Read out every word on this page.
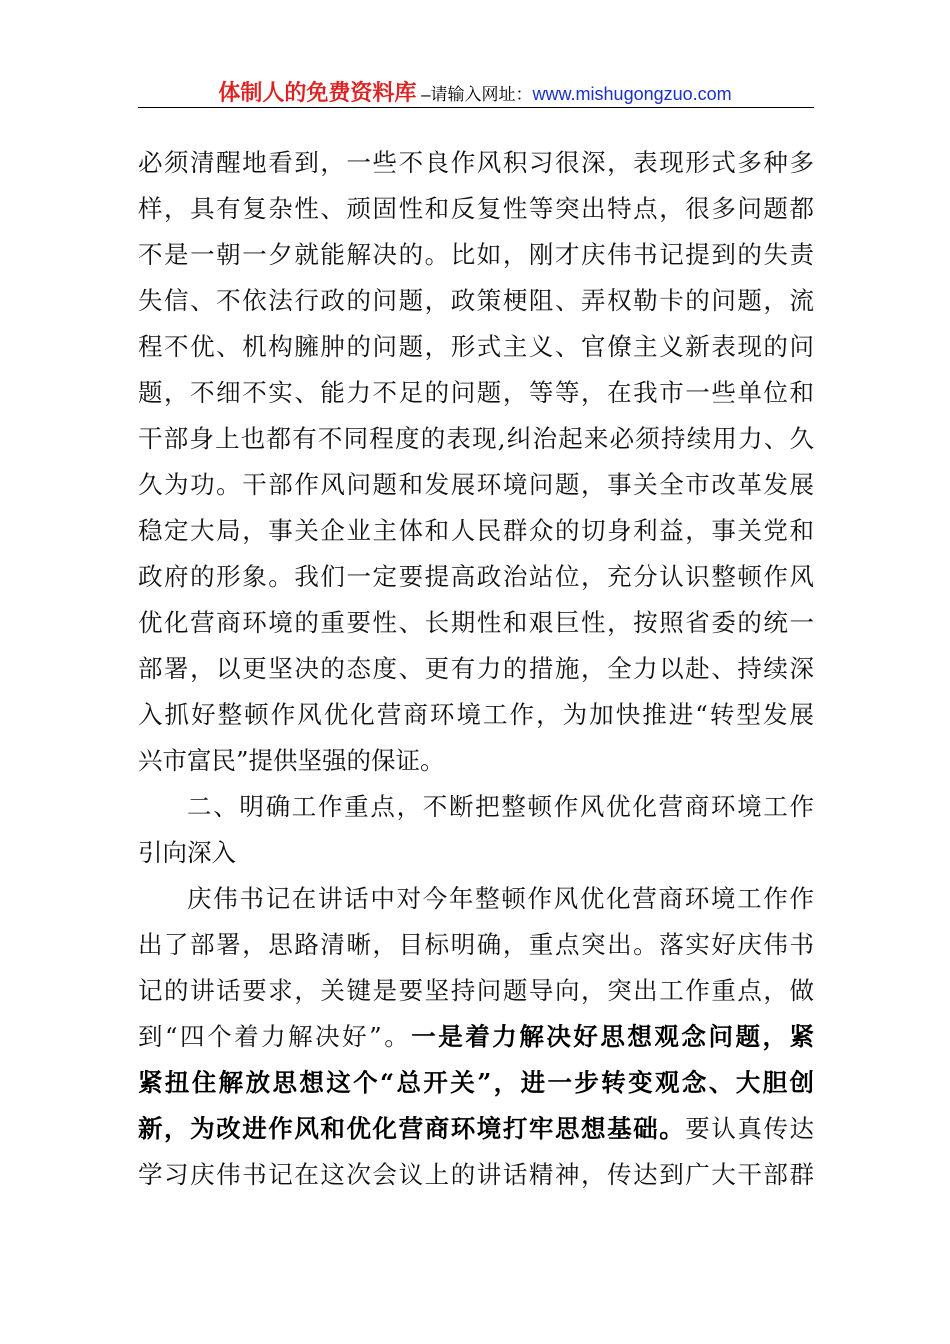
体制人的免费资料库 –请输入网址：www.mishugongzuo.com
必须清醒地看到，一些不良作风积习很深，表现形式多种多
样，具有复杂性、顽固性和反复性等突出特点，很多问题都
不是一朝一夕就能解决的。比如，刚才庆伟书记提到的失责
失信、不依法行政的问题，政策梗阻、弄权勒卡的问题，流
程不优、机构臃肿的问题，形式主义、官僚主义新表现的问
题，不细不实、能力不足的问题，等等，在我市一些单位和
干部身上也都有不同程度的表现,纠治起来必须持续用力、久
久为功。干部作风问题和发展环境问题，事关全市改革发展
稳定大局，事关企业主体和人民群众的切身利益，事关党和
政府的形象。我们一定要提高政治站位，充分认识整顿作风
优化营商环境的重要性、长期性和艰巨性，按照省委的统一
部署，以更坚决的态度、更有力的措施，全力以赴、持续深
入抓好整顿作风优化营商环境工作，为加快推进“转型发展
兴市富民”提供坚强的保证。
二、明确工作重点，不断把整顿作风优化营商环境工作
引向深入
庆伟书记在讲话中对今年整顿作风优化营商环境工作作
出了部署，思路清晰，目标明确，重点突出。落实好庆伟书
记的讲话要求，关键是要坚持问题导向，突出工作重点，做
到“四个着力解决好”。一是着力解决好思想观念问题，紧
紧扭住解放思想这个“总开关”，进一步转变观念、大胆创
新，为改进作风和优化营商环境打牢思想基础。要认真传达
学习庆伟书记在这次会议上的讲话精神，传达到广大干部群
